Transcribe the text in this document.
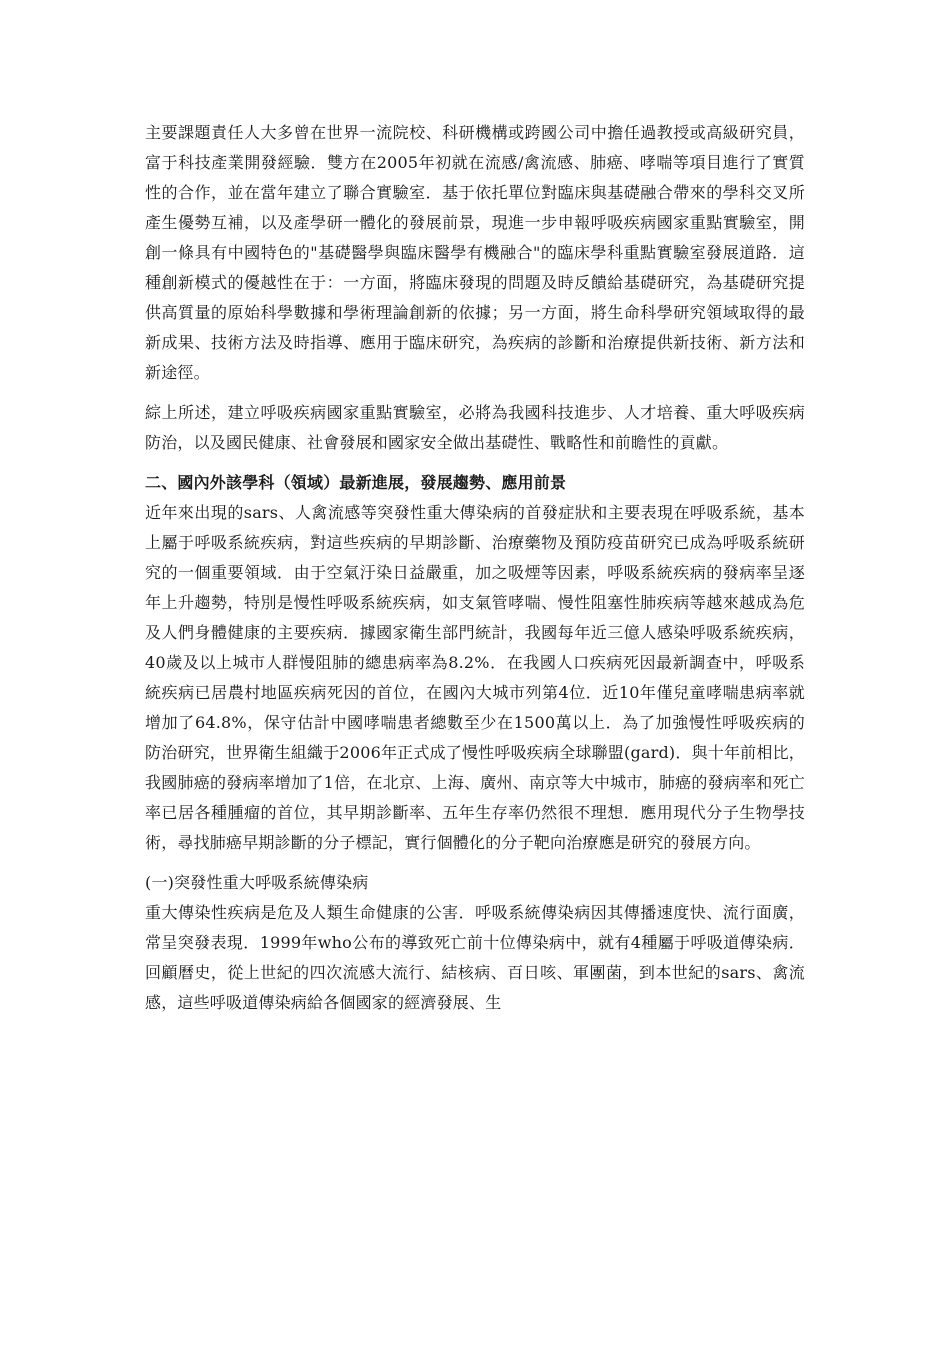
主要課題責任人大多曾在世界一流院校、科研機構或跨國公司中擔任過教授或高級研究員，富于科技產業開發經驗．雙方在2005年初就在流感/禽流感、肺癌、哮喘等項目進行了實質性的合作，並在當年建立了聯合實驗室．基于依托單位對臨床與基礎融合帶來的學科交叉所產生優勢互補，以及產學研一體化的發展前景，現進一步申報呼吸疾病國家重點實驗室，開創一條具有中國特色的"基礎醫學與臨床醫學有機融合"的臨床學科重點實驗室發展道路．這種創新模式的優越性在于：一方面，將臨床發現的問題及時反饋給基礎研究，為基礎研究提供高質量的原始科學數據和學術理論創新的依據；另一方面，將生命科學研究領域取得的最新成果、技術方法及時指導、應用于臨床研究，為疾病的診斷和治療提供新技術、新方法和新途徑。

綜上所述，建立呼吸疾病國家重點實驗室，必將為我國科技進步、人才培養、重大呼吸疾病防治，以及國民健康、社會發展和國家安全做出基礎性、戰略性和前瞻性的貢獻。

二、國內外該學科（領域）最新進展，發展趨勢、應用前景

近年來出現的sars、人禽流感等突發性重大傳染病的首發症狀和主要表現在呼吸系統，基本上屬于呼吸系統疾病，對這些疾病的早期診斷、治療藥物及預防疫苗研究已成為呼吸系統研究的一個重要領域．由于空氣汙染日益嚴重，加之吸煙等因素，呼吸系統疾病的發病率呈逐年上升趨勢，特別是慢性呼吸系統疾病，如支氣管哮喘、慢性阻塞性肺疾病等越來越成為危及人們身體健康的主要疾病．據國家衛生部門統計，我國每年近三億人感染呼吸系統疾病，40歲及以上城市人群慢阻肺的總患病率為8.2%．在我國人口疾病死因最新調查中，呼吸系統疾病已居農村地區疾病死因的首位，在國內大城市列第4位．近10年僅兒童哮喘患病率就增加了64.8%，保守估計中國哮喘患者總數至少在1500萬以上．為了加強慢性呼吸疾病的防治研究，世界衛生組織于2006年正式成了慢性呼吸疾病全球聯盟(gard)．與十年前相比，我國肺癌的發病率增加了1倍，在北京、上海、廣州、南京等大中城市，肺癌的發病率和死亡率已居各種腫瘤的首位，其早期診斷率、五年生存率仍然很不理想．應用現代分子生物學技術，尋找肺癌早期診斷的分子標記，實行個體化的分子靶向治療應是研究的發展方向。

(一)突發性重大呼吸系統傳染病

重大傳染性疾病是危及人類生命健康的公害．呼吸系統傳染病因其傳播速度快、流行面廣，常呈突發表現．1999年who公布的導致死亡前十位傳染病中，就有4種屬于呼吸道傳染病．回顧曆史，從上世紀的四次流感大流行、結核病、百日咳、軍團菌，到本世紀的sars、禽流感，這些呼吸道傳染病給各個國家的經濟發展、生
